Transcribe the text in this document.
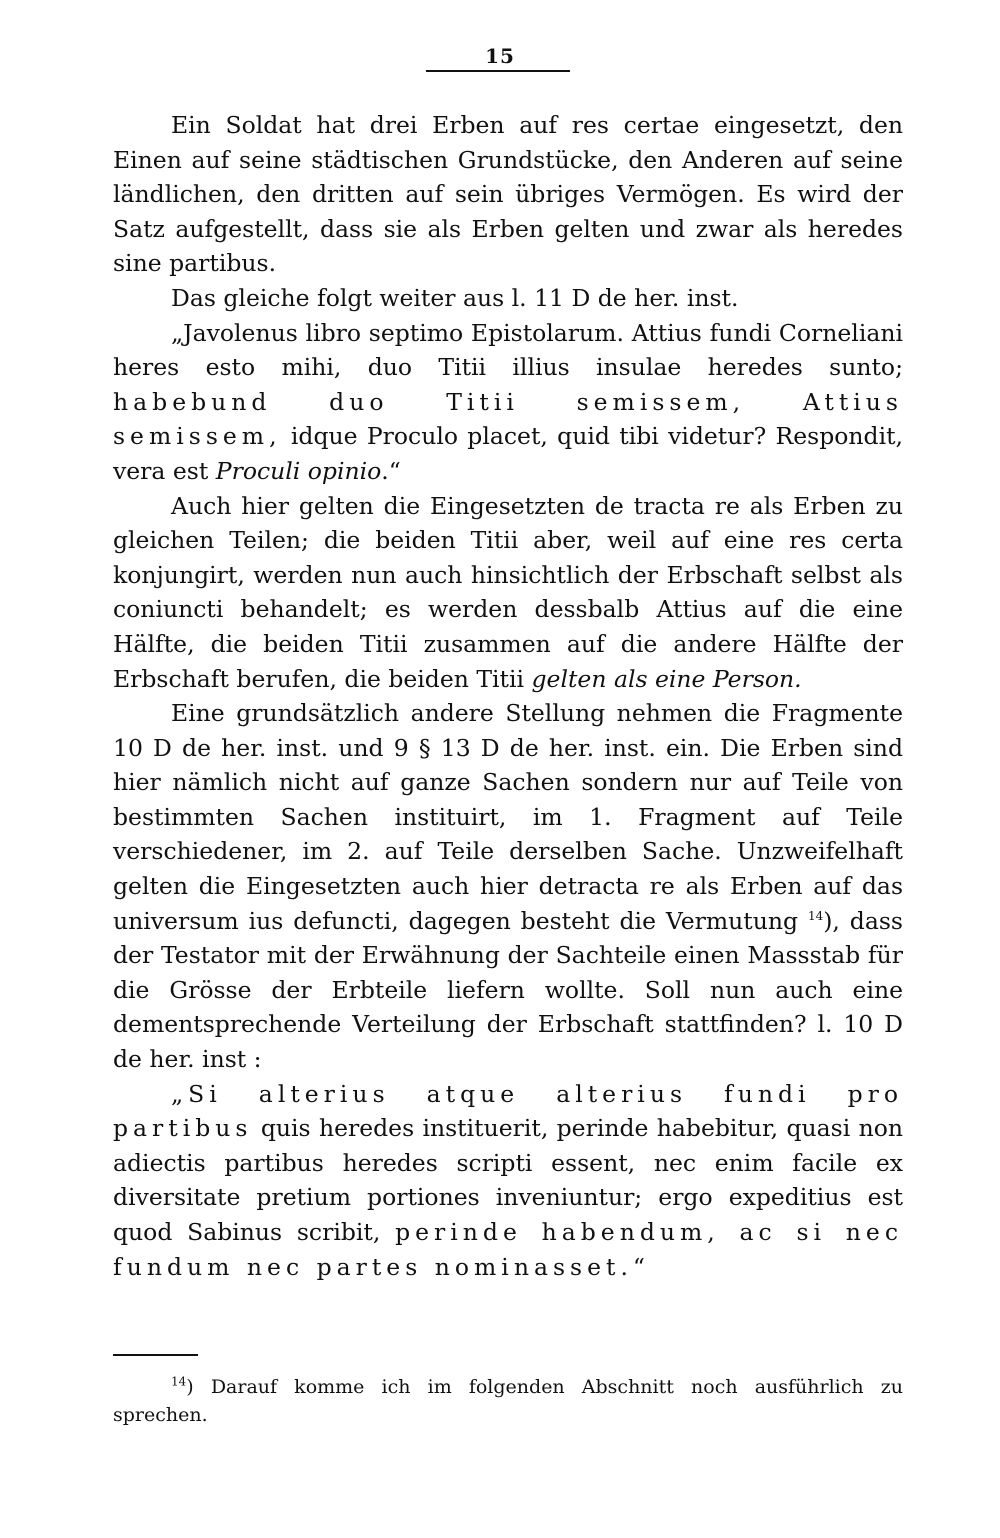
15

Ein Soldat hat drei Erben auf res certae eingesetzt, den Einen auf seine städtischen Grundstücke, den Anderen auf seine ländlichen, den dritten auf sein übriges Vermögen. Es wird der Satz aufgestellt, dass sie als Erben gelten und zwar als heredes sine partibus.

Das gleiche folgt weiter aus l. 11 D de her. inst.

„Javolenus libro septimo Epistolarum. Attius fundi Corneliani heres esto mihi, duo Titii illius insulae heredes sunto; habebund duo Titii semissem, Attius semissem, idque Proculo placet, quid tibi videtur? Respondit, vera est Proculi opinio.“

Auch hier gelten die Eingesetzten de tracta re als Erben zu gleichen Teilen; die beiden Titii aber, weil auf eine res certa konjungirt, werden nun auch hinsichtlich der Erbschaft selbst als coniuncti behandelt; es werden dessbalb Attius auf die eine Hälfte, die beiden Titii zusammen auf die andere Hälfte der Erbschaft berufen, die beiden Titii gelten als eine Person.

Eine grundsätzlich andere Stellung nehmen die Fragmente 10 D de her. inst. und 9 § 13 D de her. inst. ein. Die Erben sind hier nämlich nicht auf ganze Sachen sondern nur auf Teile von bestimmten Sachen instituirt, im 1. Fragment auf Teile verschiedener, im 2. auf Teile derselben Sache. Unzweifelhaft gelten die Eingesetzten auch hier detracta re als Erben auf das universum ius defuncti, dagegen besteht die Vermutung $^{14}$), dass der Testator mit der Erwähnung der Sachteile einen Massstab für die Grösse der Erbteile liefern wollte. Soll nun auch eine dementsprechende Verteilung der Erbschaft stattfinden? l. 10 D de her. inst :

„Si alterius atque alterius fundi pro partibus quis heredes instituerit, perinde habebitur, quasi non adiectis partibus heredes scripti essent, nec enim facile ex diversitate pretium portiones inveniuntur; ergo expeditius est quod Sabinus scribit, perinde habendum, ac si nec fundum nec partes nominasset.“

$^{14}$) Darauf komme ich im folgenden Abschnitt noch ausführlich zu sprechen.
